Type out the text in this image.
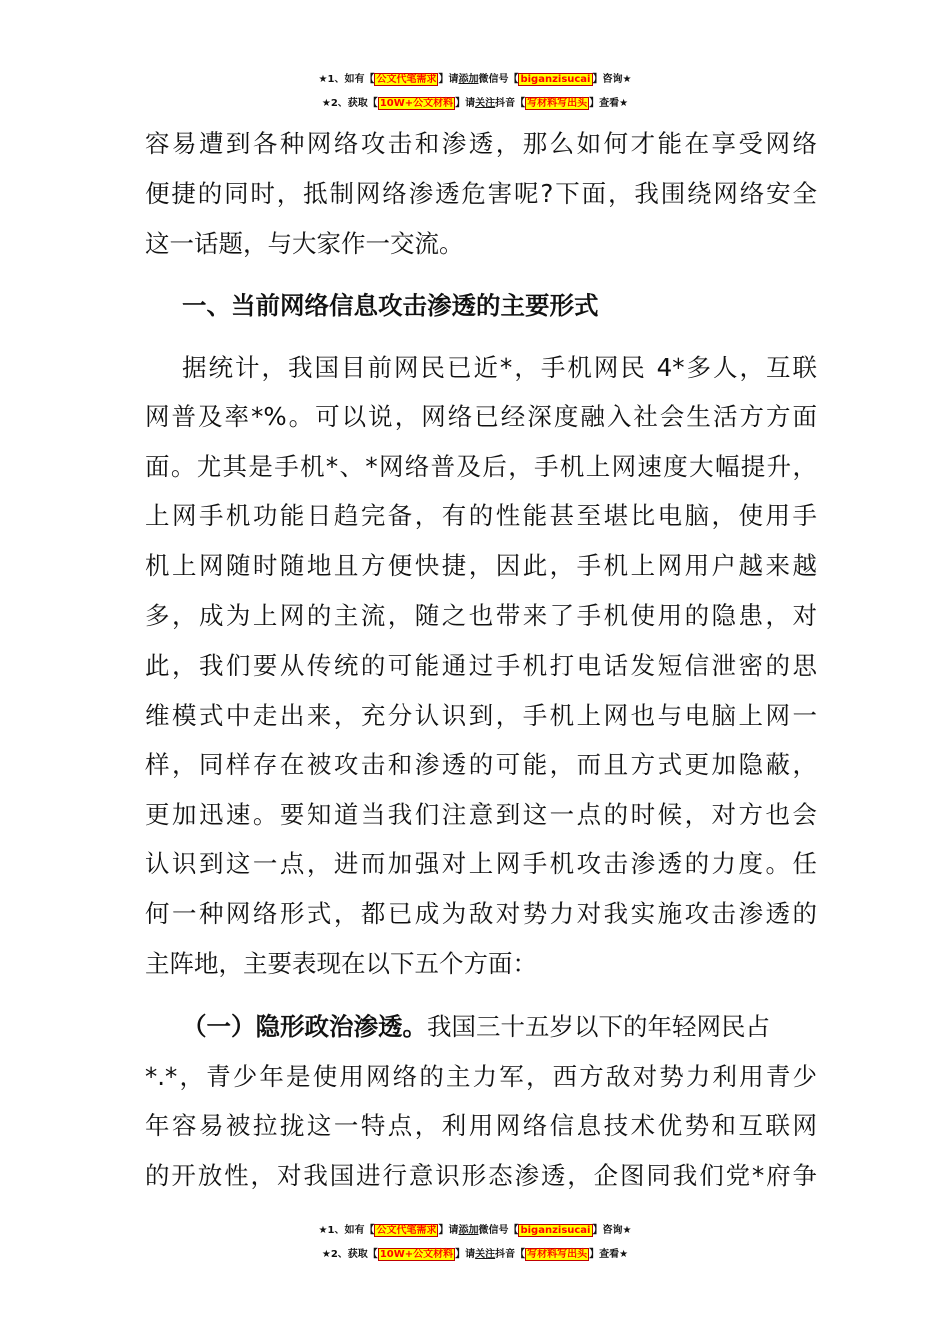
★1、如有【 公文代笔需求 】请添加微信号【 biganzisucai 】咨询★
★2、获取【 10W+公文材料 】请关注抖音【 写材料写出头 】查看★
容易遭到各种网络攻击和渗透，那么如何才能在享受网络
便捷的同时，抵制网络渗透危害呢?下面，我围绕网络安全
这一话题，与大家作一交流。
一、当前网络信息攻击渗透的主要形式
据统计，我国目前网民已近*，手机网民 4*多人，互联
网普及率*%。可以说，网络已经深度融入社会生活方方面
面。尤其是手机*、*网络普及后，手机上网速度大幅提升，
上网手机功能日趋完备，有的性能甚至堪比电脑，使用手
机上网随时随地且方便快捷，因此，手机上网用户越来越
多，成为上网的主流，随之也带来了手机使用的隐患，对
此，我们要从传统的可能通过手机打电话发短信泄密的思
维模式中走出来，充分认识到，手机上网也与电脑上网一
样，同样存在被攻击和渗透的可能，而且方式更加隐蔽，
更加迅速。要知道当我们注意到这一点的时候，对方也会
认识到这一点，进而加强对上网手机攻击渗透的力度。任
何一种网络形式，都已成为敌对势力对我实施攻击渗透的
主阵地，主要表现在以下五个方面：
（一）隐形政治渗透。我国三十五岁以下的年轻网民占
*.*，青少年是使用网络的主力军，西方敌对势力利用青少
年容易被拉拢这一特点，利用网络信息技术优势和互联网
的开放性，对我国进行意识形态渗透，企图同我们党*府争
★1、如有【 公文代笔需求 】请添加微信号【 biganzisucai 】咨询★
★2、获取【 10W+公文材料 】请关注抖音【 写材料写出头 】查看★
